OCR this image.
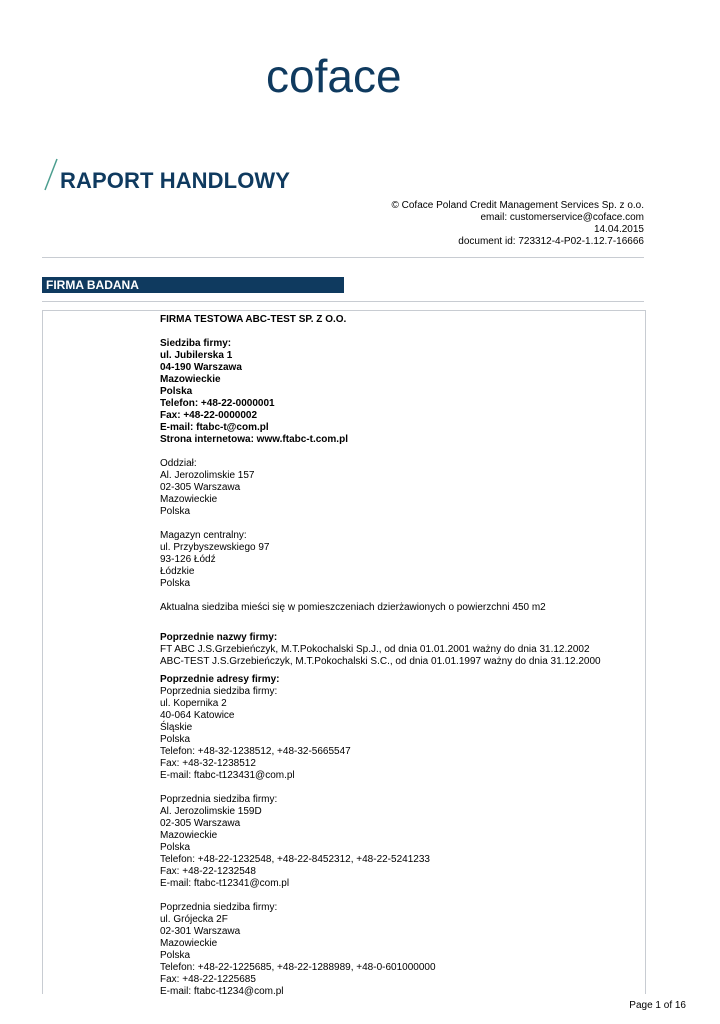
coface
RAPORT HANDLOWY
© Coface Poland Credit Management Services Sp. z o.o.
email: customerservice@coface.com
14.04.2015
document id: 723312-4-P02-1.12.7-16666
FIRMA BADANA
FIRMA TESTOWA ABC-TEST SP. Z O.O.
Siedziba firmy:
ul. Jubilerska 1
04-190 Warszawa
Mazowieckie
Polska
Telefon: +48-22-0000001
Fax: +48-22-0000002
E-mail: ftabc-t@com.pl
Strona internetowa: www.ftabc-t.com.pl
Oddział:
Al. Jerozolimskie 157
02-305 Warszawa
Mazowieckie
Polska
Magazyn centralny:
ul. Przybyszewskiego 97
93-126 Łódź
Łódzkie
Polska
Aktualna siedziba mieści się w pomieszczeniach dzierżawionych o powierzchni 450 m2
Poprzednie nazwy firmy:
FT ABC J.S.Grzebieńczyk, M.T.Pokochalski Sp.J., od dnia 01.01.2001 ważny do dnia 31.12.2002
ABC-TEST J.S.Grzebieńczyk, M.T.Pokochalski S.C., od dnia 01.01.1997 ważny do dnia 31.12.2000
Poprzednie adresy firmy:
Poprzednia siedziba firmy:
ul. Kopernika 2
40-064 Katowice
Śląskie
Polska
Telefon: +48-32-1238512, +48-32-5665547
Fax: +48-32-1238512
E-mail: ftabc-t123431@com.pl
Poprzednia siedziba firmy:
Al. Jerozolimskie 159D
02-305 Warszawa
Mazowieckie
Polska
Telefon: +48-22-1232548, +48-22-8452312, +48-22-5241233
Fax: +48-22-1232548
E-mail: ftabc-t12341@com.pl
Poprzednia siedziba firmy:
ul. Grójecka 2F
02-301 Warszawa
Mazowieckie
Polska
Telefon: +48-22-1225685, +48-22-1288989, +48-0-601000000
Fax: +48-22-1225685
E-mail: ftabc-t1234@com.pl
Page 1 of 16
